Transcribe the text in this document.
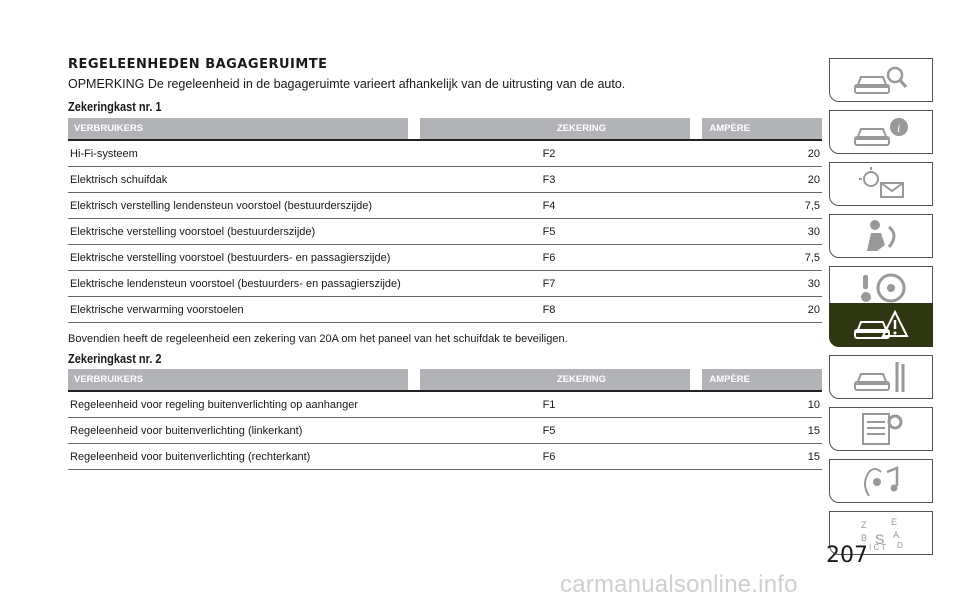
REGELEENHEDEN BAGAGERUIMTE
OPMERKING De regeleenheid in de bagageruimte varieert afhankelijk van de uitrusting van de auto.
Zekeringkast nr. 1
VERBRUIKERS		ZEKERING		AMPÈRE
Hi-Fi-systeem	F2		20	
Elektrisch schuifdak	F3		20	
Elektrisch verstelling lendensteun voorstoel (bestuurderszijde)	F4		7,5	
Elektrische verstelling voorstoel (bestuurderszijde)	F5		30	
Elektrische verstelling voorstoel (bestuurders- en passagierszijde)	F6		7,5	
Elektrische lendensteun voorstoel (bestuurders- en passagierszijde)	F7		30	
Elektrische verwarming voorstoelen	F8		20	
Bovendien heeft de regeleenheid een zekering van 20A om het paneel van het schuifdak te beveiligen.
Zekeringkast nr. 2
VERBRUIKERS		ZEKERING		AMPÈRE
Regeleenheid voor regeling buitenverlichting op aanhanger	F1		10	
Regeleenheid voor buitenverlichting (linkerkant)	F5		15	
Regeleenheid voor buitenverlichting (rechterkant)	F6		15	
i
Z	E
B S A
I C T D
207
carmanualsonline.info
